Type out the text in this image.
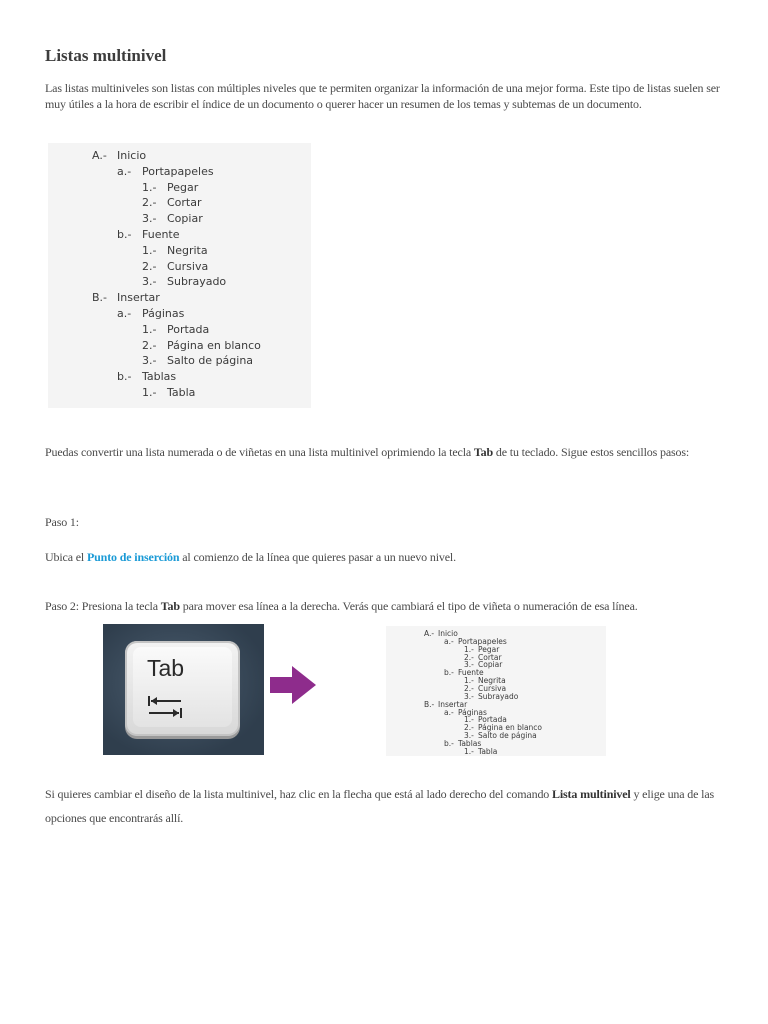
Listas multinivel

Las listas multiniveles son listas con múltiples niveles que te permiten organizar la información de una mejor forma. Este tipo de listas suelen ser muy útiles a la hora de escribir el índice de un documento o querer hacer un resumen de los temas y subtemas de un documento.

A.- Inicio
a.- Portapapeles
1.- Pegar
2.- Cortar
3.- Copiar
b.- Fuente
1.- Negrita
2.- Cursiva
3.- Subrayado
B.- Insertar
a.- Páginas
1.- Portada
2.- Página en blanco
3.- Salto de página
b.- Tablas
1.- Tabla

Puedas convertir una lista numerada o de viñetas en una lista multinivel oprimiendo la tecla Tab de tu teclado. Sigue estos sencillos pasos:

Paso 1:

Ubica el Punto de inserción al comienzo de la línea que quieres pasar a un nuevo nivel.

Paso 2: Presiona la tecla Tab para mover esa línea a la derecha. Verás que cambiará el tipo de viñeta o numeración de esa línea.

Tab
A.- Inicio
a.- Portapapeles
1.- Pegar
2.- Cortar
3.- Copiar
b.- Fuente
1.- Negrita
2.- Cursiva
3.- Subrayado
B.- Insertar
a.- Páginas
1.- Portada
2.- Página en blanco
3.- Salto de página
b.- Tablas
1.- Tabla

Si quieres cambiar el diseño de la lista multinivel, haz clic en la flecha que está al lado derecho del comando Lista multinivel y elige una de las opciones que encontrarás allí.
